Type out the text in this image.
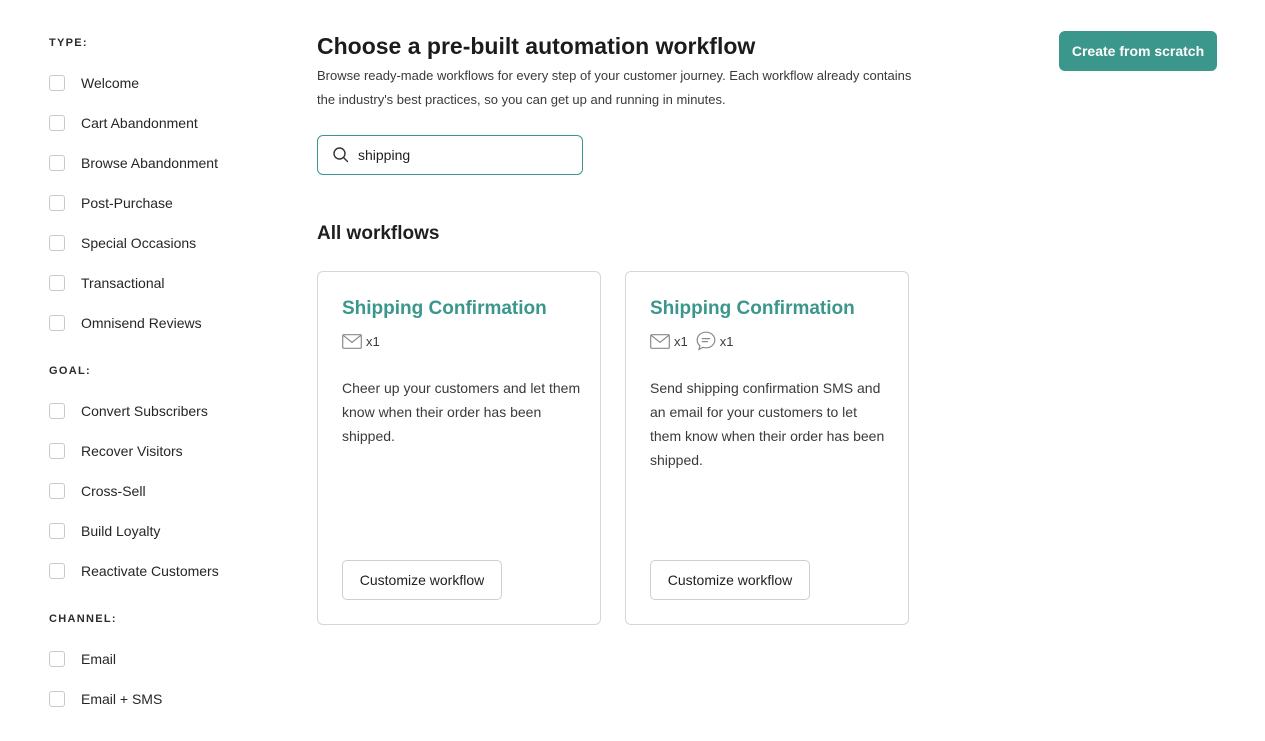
TYPE:
Welcome
Cart Abandonment
Browse Abandonment
Post-Purchase
Special Occasions
Transactional
Omnisend Reviews
GOAL:
Convert Subscribers
Recover Visitors
Cross-Sell
Build Loyalty
Reactivate Customers
CHANNEL:
Email
Email + SMS
Choose a pre-built automation workflow

Browse ready-made workflows for every step of your customer journey. Each workflow already contains the industry's best practices, so you can get up and running in minutes.

Create from scratch
shipping
All workflows
Shipping Confirmation
x1

Cheer up your customers and let them know when their order has been shipped.

Customize workflow
Shipping Confirmation
x1 x1

Send shipping confirmation SMS and an email for your customers to let them know when their order has been shipped.

Customize workflow
